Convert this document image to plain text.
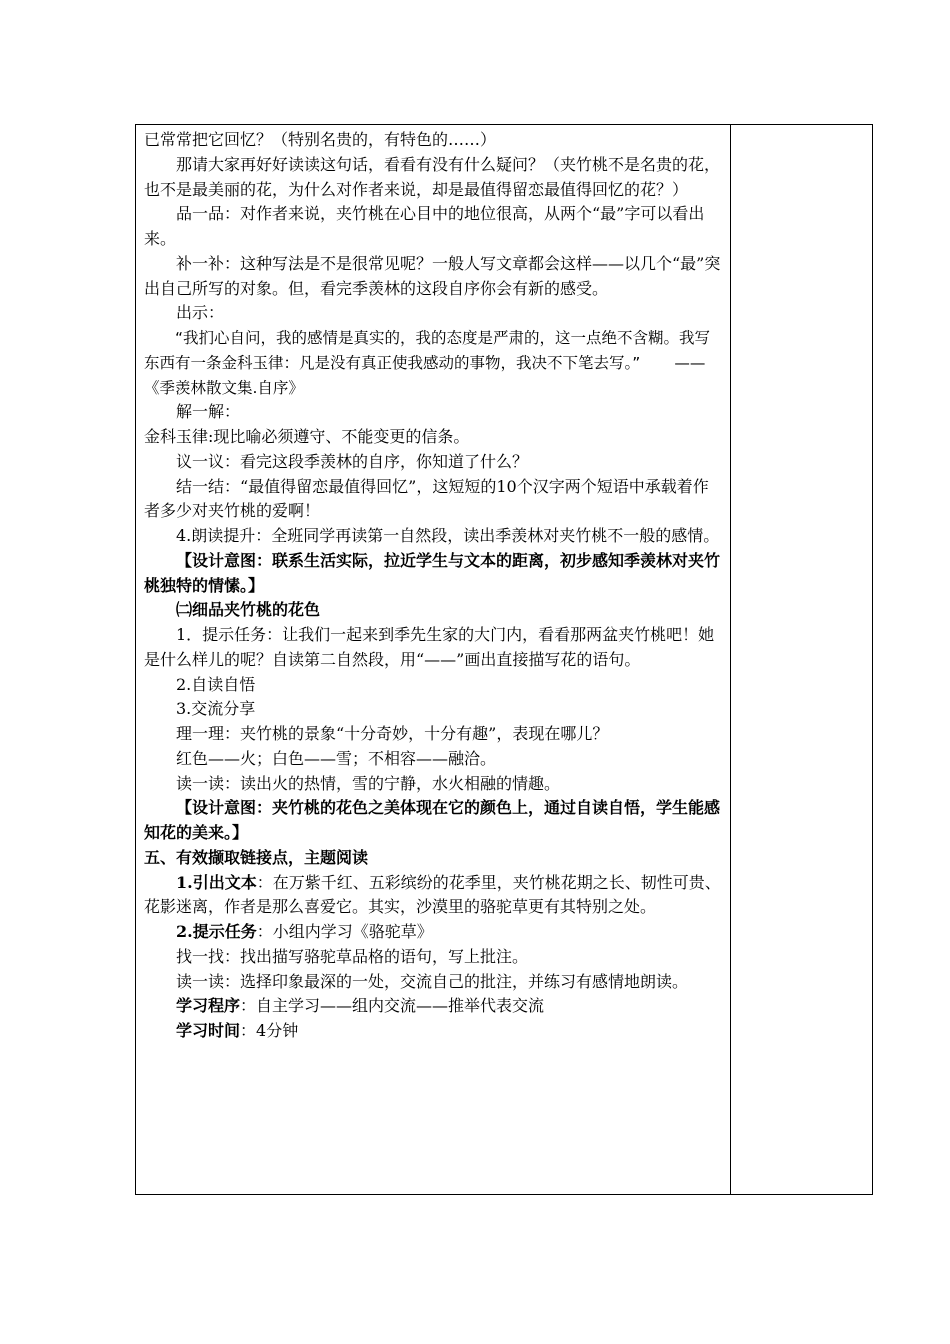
已常常把它回忆？（特别名贵的，有特色的……）

那请大家再好好读读这句话，看看有没有什么疑问？（夹竹桃不是名贵的花，也不是最美丽的花，为什么对作者来说，却是最值得留恋最值得回忆的花？）

品一品：对作者来说，夹竹桃在心目中的地位很高，从两个“最”字可以看出来。

补一补：这种写法是不是很常见呢？一般人写文章都会这样——以几个“最”突出自己所写的对象。但，看完季羡林的这段自序你会有新的感受。

出示：

“我扪心自问，我的感情是真实的，我的态度是严肃的，这一点绝不含糊。我写东西有一条金科玉律：凡是没有真正使我感动的事物，我决不下笔去写。” ——《季羡林散文集.自序》

解一解：

金科玉律:现比喻必须遵守、不能变更的信条。

议一议：看完这段季羡林的自序，你知道了什么？

结一结：“最值得留恋最值得回忆”，这短短的10个汉字两个短语中承载着作者多少对夹竹桃的爱啊！

4.朗读提升：全班同学再读第一自然段，读出季羡林对夹竹桃不一般的感情。

【设计意图：联系生活实际，拉近学生与文本的距离，初步感知季羡林对夹竹桃独特的情愫。】

㈡细品夹竹桃的花色

1．提示任务：让我们一起来到季先生家的大门内，看看那两盆夹竹桃吧！她是什么样儿的呢？自读第二自然段，用“——”画出直接描写花的语句。

2.自读自悟

3.交流分享

理一理：夹竹桃的景象“十分奇妙，十分有趣”，表现在哪儿？

红色——火；白色——雪；不相容——融洽。

读一读：读出火的热情，雪的宁静，水火相融的情趣。

【设计意图：夹竹桃的花色之美体现在它的颜色上，通过自读自悟，学生能感知花的美来。】

五、有效撷取链接点，主题阅读

1.引出文本：在万紫千红、五彩缤纷的花季里，夹竹桃花期之长、韧性可贵、花影迷离，作者是那么喜爱它。其实，沙漠里的骆驼草更有其特别之处。

2.提示任务：小组内学习《骆驼草》

找一找：找出描写骆驼草品格的语句，写上批注。

读一读：选择印象最深的一处，交流自己的批注，并练习有感情地朗读。

学习程序：自主学习——组内交流——推举代表交流

学习时间：4分钟
